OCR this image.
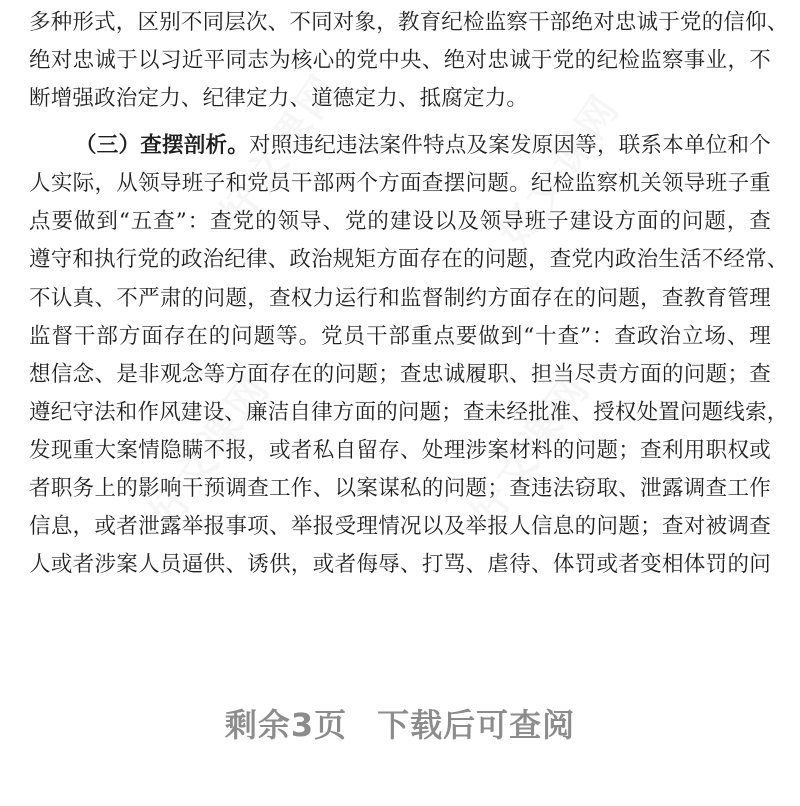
好文课网	好文课网
好文课网	好文课网
多种形式，区别不同层次、不同对象，教育纪检监察干部绝对忠诚于党的信仰、
绝对忠诚于以习近平同志为核心的党中央、绝对忠诚于党的纪检监察事业，不
断增强政治定力、纪律定力、道德定力、抵腐定力。
（三）查摆剖析。对照违纪违法案件特点及案发原因等，联系本单位和个
人实际，从领导班子和党员干部两个方面查摆问题。纪检监察机关领导班子重
点要做到“五查”：查党的领导、党的建设以及领导班子建设方面的问题，查
遵守和执行党的政治纪律、政治规矩方面存在的问题，查党内政治生活不经常、
不认真、不严肃的问题，查权力运行和监督制约方面存在的问题，查教育管理
监督干部方面存在的问题等。党员干部重点要做到“十查”：查政治立场、理
想信念、是非观念等方面存在的问题；查忠诚履职、担当尽责方面的问题；查
遵纪守法和作风建设、廉洁自律方面的问题；查未经批准、授权处置问题线索，
发现重大案情隐瞒不报，或者私自留存、处理涉案材料的问题；查利用职权或
者职务上的影响干预调查工作、以案谋私的问题；查违法窃取、泄露调查工作
信息，或者泄露举报事项、举报受理情况以及举报人信息的问题；查对被调查
人或者涉案人员逼供、诱供，或者侮辱、打骂、虐待、体罚或者变相体罚的问
剩余3页 下载后可查阅
